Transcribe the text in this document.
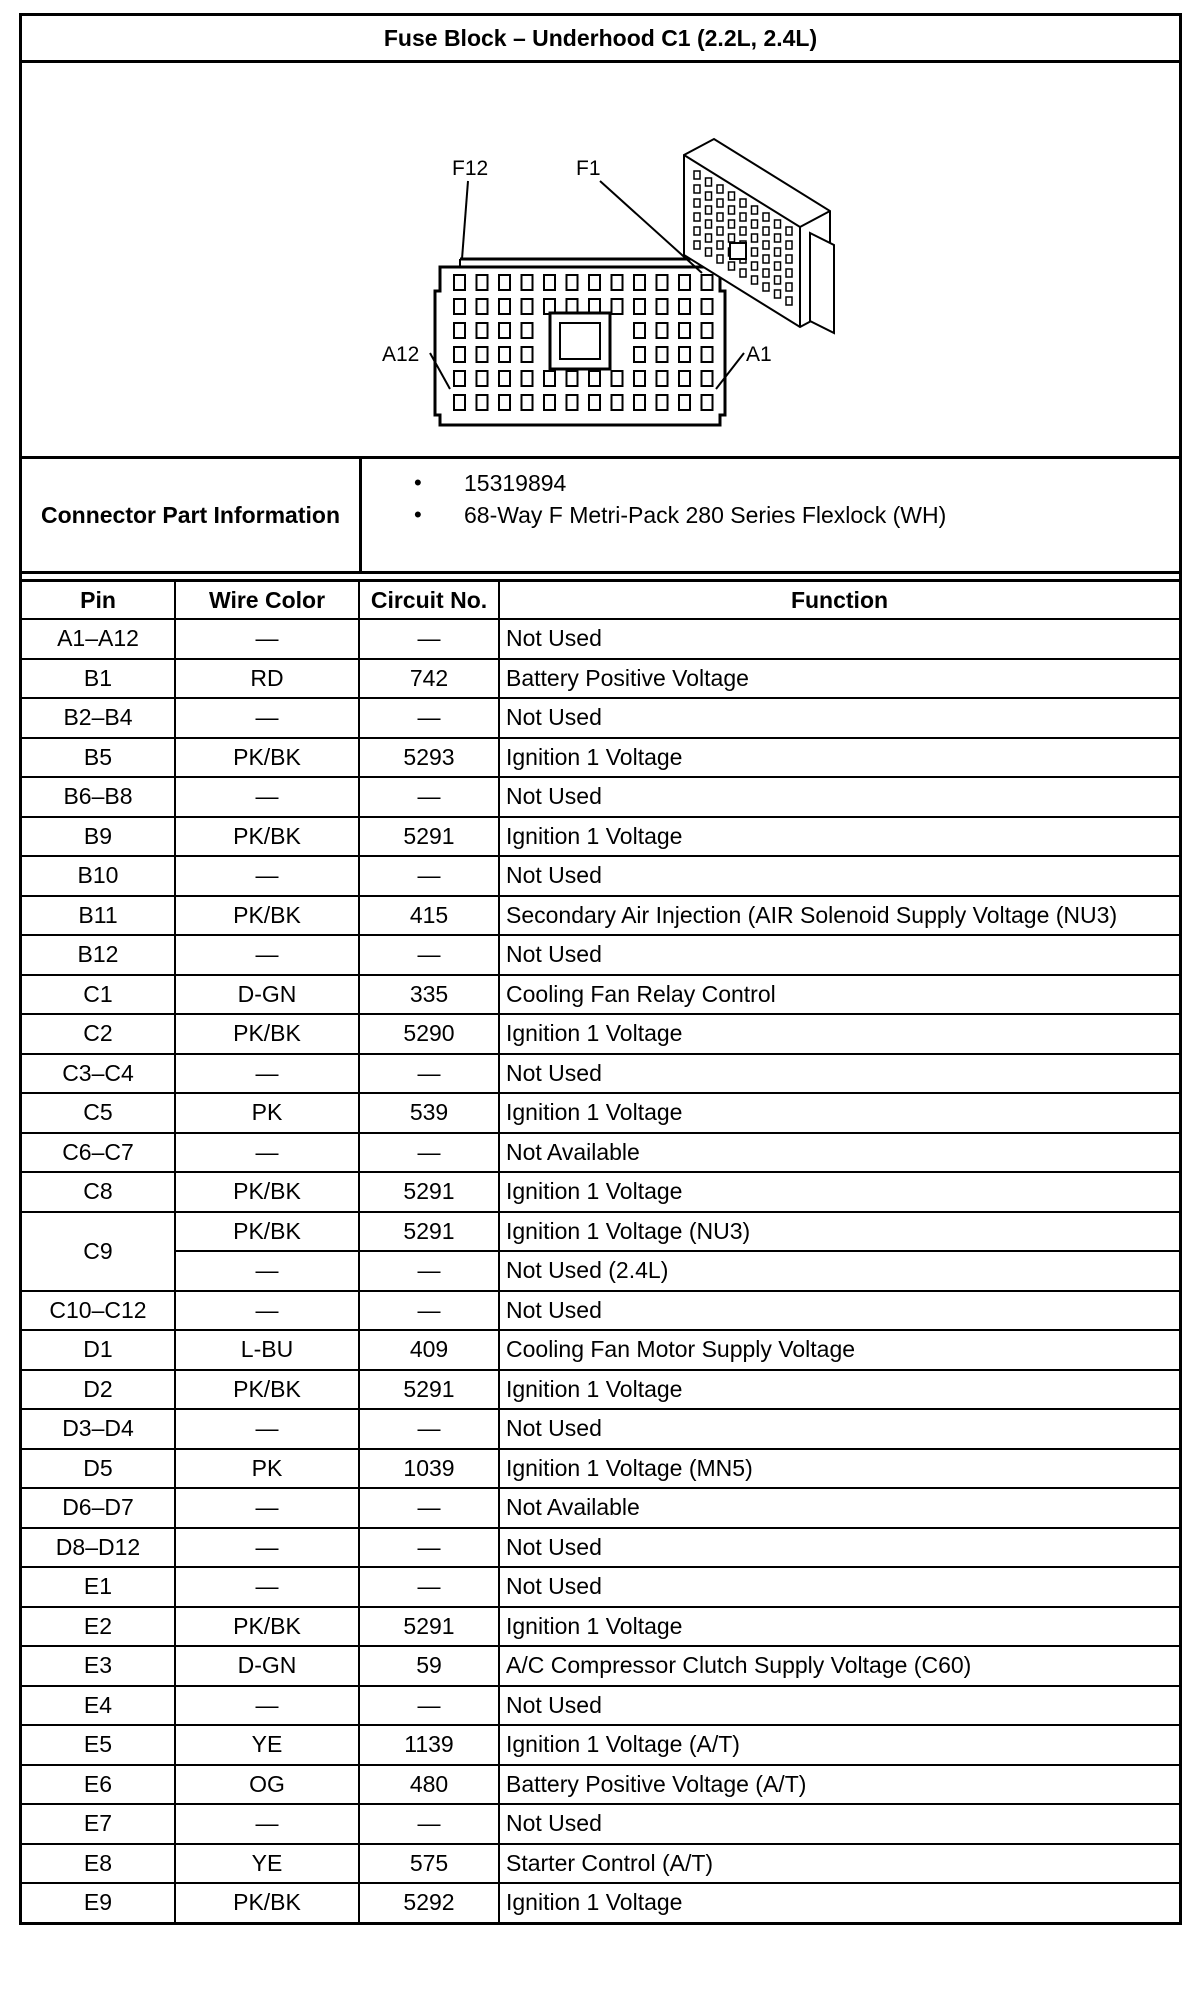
Fuse Block – Underhood C1 (2.2L, 2.4L)
F12	F1
A12	A1
Connector Part Information
•	15319894
•	68-Way F Metri-Pack 280 Series Flexlock (WH)
Pin	Wire Color	Circuit No.	Function
A1–A12	—	—	Not Used
B1	RD	742	Battery Positive Voltage
B2–B4	—	—	Not Used
B5	PK/BK	5293	Ignition 1 Voltage
B6–B8	—	—	Not Used
B9	PK/BK	5291	Ignition 1 Voltage
B10	—	—	Not Used
B11	PK/BK	415	Secondary Air Injection (AIR Solenoid Supply Voltage (NU3)
B12	—	—	Not Used
C1	D-GN	335	Cooling Fan Relay Control
C2	PK/BK	5290	Ignition 1 Voltage
C3–C4	—	—	Not Used
C5	PK	539	Ignition 1 Voltage
C6–C7	—	—	Not Available
C8	PK/BK	5291	Ignition 1 Voltage
C9	PK/BK	5291	Ignition 1 Voltage (NU3)
	—	—	Not Used (2.4L)
C10–C12	—	—	Not Used
D1	L-BU	409	Cooling Fan Motor Supply Voltage
D2	PK/BK	5291	Ignition 1 Voltage
D3–D4	—	—	Not Used
D5	PK	1039	Ignition 1 Voltage (MN5)
D6–D7	—	—	Not Available
D8–D12	—	—	Not Used
E1	—	—	Not Used
E2	PK/BK	5291	Ignition 1 Voltage
E3	D-GN	59	A/C Compressor Clutch Supply Voltage (C60)
E4	—	—	Not Used
E5	YE	1139	Ignition 1 Voltage (A/T)
E6	OG	480	Battery Positive Voltage (A/T)
E7	—	—	Not Used
E8	YE	575	Starter Control (A/T)
E9	PK/BK	5292	Ignition 1 Voltage
